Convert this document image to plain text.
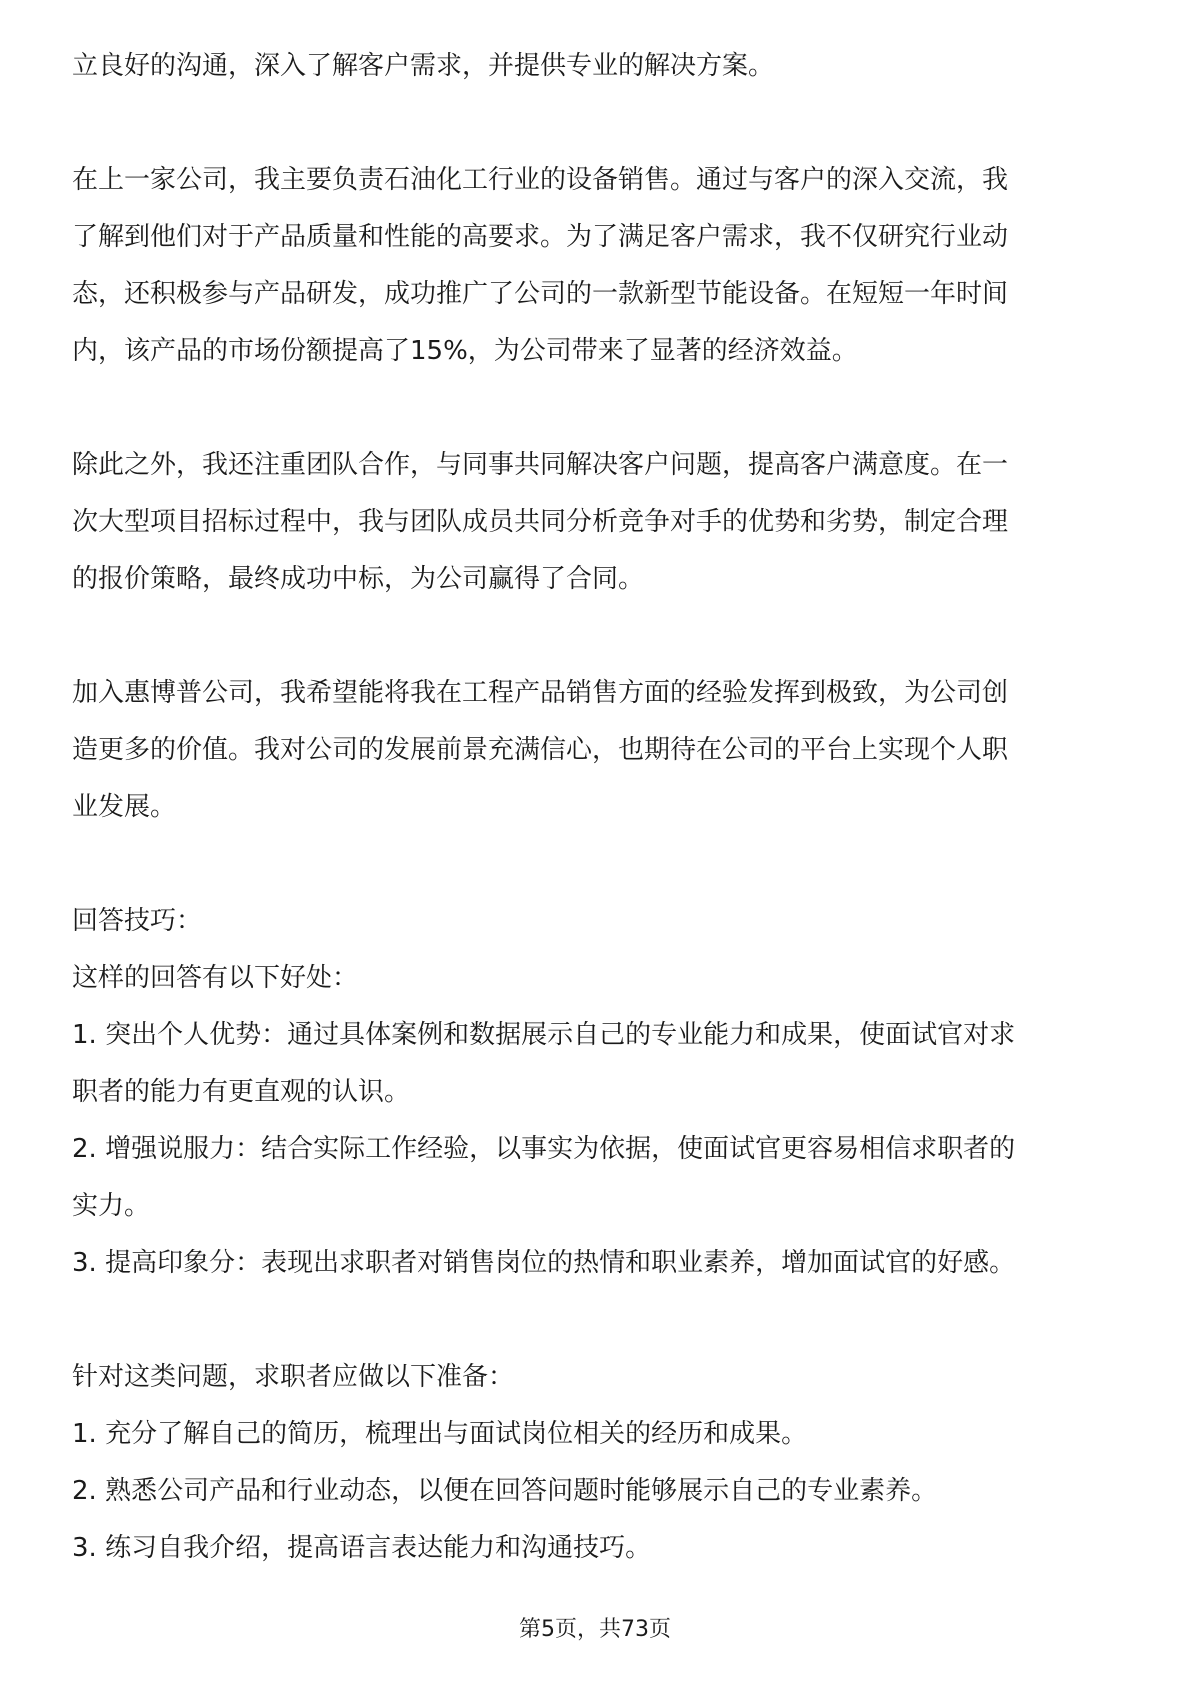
立良好的沟通，深入了解客户需求，并提供专业的解决方案。

在上一家公司，我主要负责石油化工行业的设备销售。通过与客户的深入交流，我

了解到他们对于产品质量和性能的高要求。为了满足客户需求，我不仅研究行业动

态，还积极参与产品研发，成功推广了公司的一款新型节能设备。在短短一年时间

内，该产品的市场份额提高了15%，为公司带来了显著的经济效益。

除此之外，我还注重团队合作，与同事共同解决客户问题，提高客户满意度。在一

次大型项目招标过程中，我与团队成员共同分析竞争对手的优势和劣势，制定合理

的报价策略，最终成功中标，为公司赢得了合同。

加入惠博普公司，我希望能将我在工程产品销售方面的经验发挥到极致，为公司创

造更多的价值。我对公司的发展前景充满信心，也期待在公司的平台上实现个人职

业发展。

回答技巧：

这样的回答有以下好处：

1. 突出个人优势：通过具体案例和数据展示自己的专业能力和成果，使面试官对求

职者的能力有更直观的认识。

2. 增强说服力：结合实际工作经验，以事实为依据，使面试官更容易相信求职者的

实力。

3. 提高印象分：表现出求职者对销售岗位的热情和职业素养，增加面试官的好感。

针对这类问题，求职者应做以下准备：

1. 充分了解自己的简历，梳理出与面试岗位相关的经历和成果。

2. 熟悉公司产品和行业动态，以便在回答问题时能够展示自己的专业素养。

3. 练习自我介绍，提高语言表达能力和沟通技巧。

第5页，共73页
